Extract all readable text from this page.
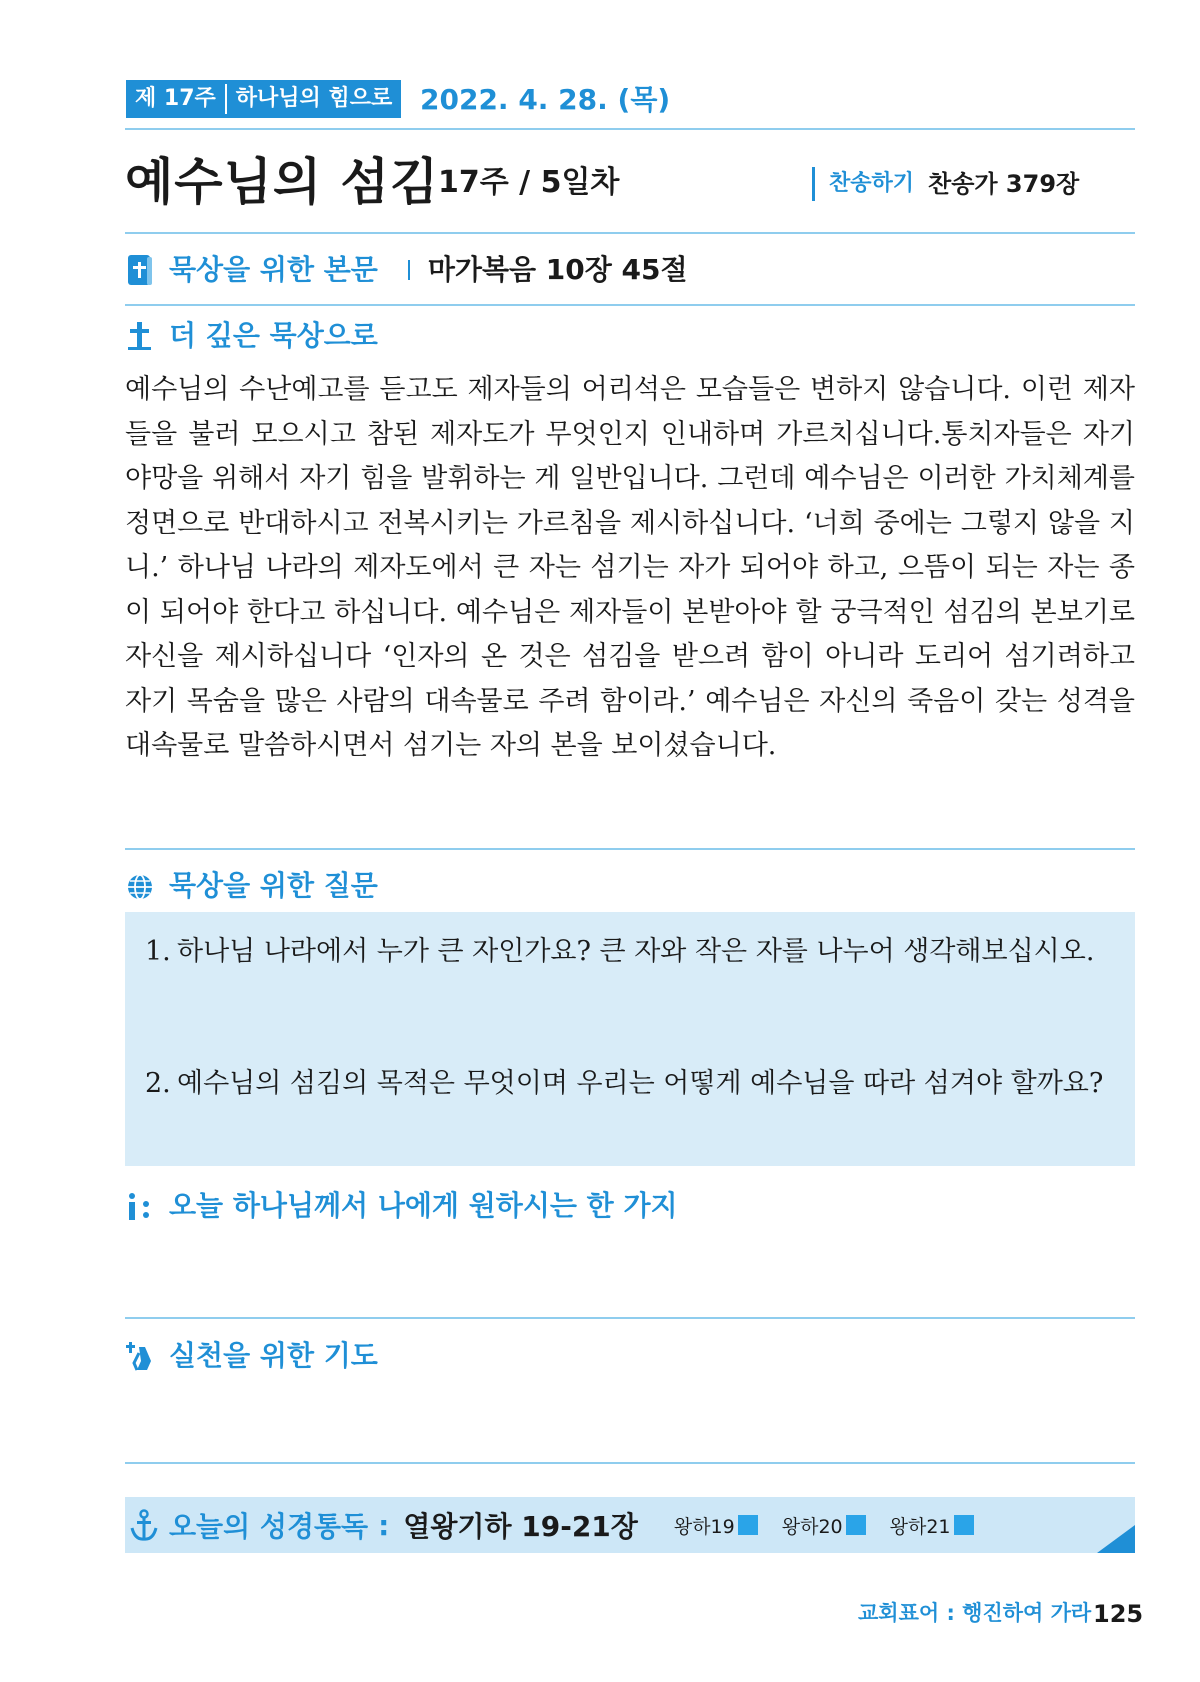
제 17주 하나님의 힘으로 2022. 4. 28. (목)
예수님의 섬김
17주 / 5일차	찬송하기 찬송가 379장
묵상을 위한 본문 마가복음 10장 45절
더 깊은 묵상으로

예수님의 수난예고를 듣고도 제자들의 어리석은 모습들은 변하지 않습니다. 이런 제자들을 불러 모으시고 참된 제자도가 무엇인지 인내하며 가르치십니다.통치자들은 자기 야망을 위해서 자기 힘을 발휘하는 게 일반입니다. 그런데 예수님은 이러한 가치체계를 정면으로 반대하시고 전복시키는 가르침을 제시하십니다. ‘너희 중에는 그렇지 않을 지니.’ 하나님 나라의 제자도에서 큰 자는 섬기는 자가 되어야 하고, 으뜸이 되는 자는 종이 되어야 한다고 하십니다. 예수님은 제자들이 본받아야 할 궁극적인 섬김의 본보기로 자신을 제시하십니다 ‘인자의 온 것은 섬김을 받으려 함이 아니라 도리어 섬기려하고 자기 목숨을 많은 사람의 대속물로 주려 함이라.’ 예수님은 자신의 죽음이 갖는 성격을 대속물로 말씀하시면서 섬기는 자의 본을 보이셨습니다.

묵상을 위한 질문
1. 하나님 나라에서 누가 큰 자인가요? 큰 자와 작은 자를 나누어 생각해보십시오.
2. 예수님의 섬김의 목적은 무엇이며 우리는 어떻게 예수님을 따라 섬겨야 할까요?
오늘 하나님께서 나에게 원하시는 한 가지
실천을 위한 기도
오늘의 성경통독 : 열왕기하 19-21장 왕하19 왕하20 왕하21
교회표어 : 행진하여 가라 125
